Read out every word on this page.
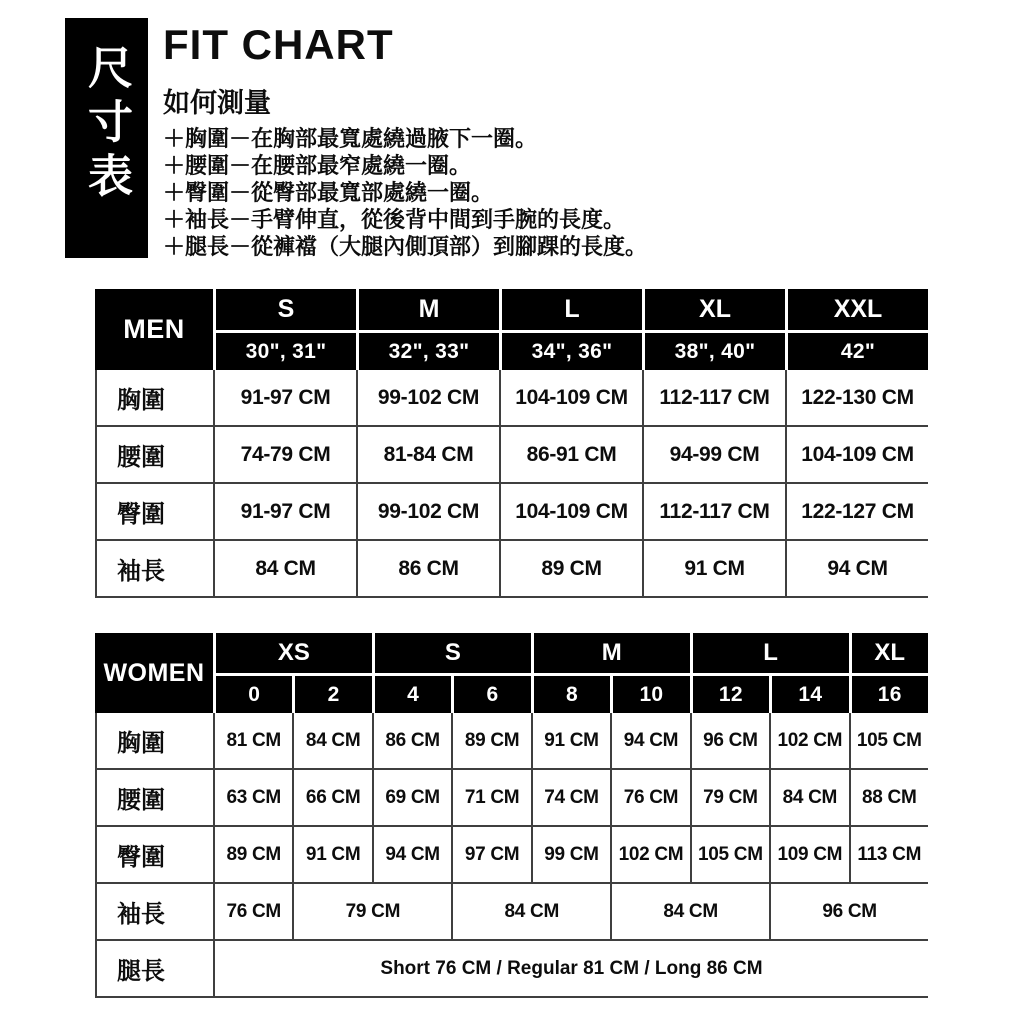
尺寸表 FIT CHART
如何測量
＋胸圍－在胸部最寬處繞過腋下一圈。
＋腰圍－在腰部最窄處繞一圈。
＋臀圍－從臀部最寬部處繞一圈。
＋袖長－手臂伸直，從後背中間到手腕的長度。
＋腿長－從褲襠（大腿內側頂部）到腳踝的長度。
MEN
S	M	L	XL	XXL
30", 31"	32", 33"	34", 36"	38", 40"	42"
胸圍	91-97 CM	99-102 CM	104-109 CM	112-117 CM	122-130 CM
腰圍	74-79 CM	81-84 CM	86-91 CM	94-99 CM	104-109 CM
臀圍	91-97 CM	99-102 CM	104-109 CM	112-117 CM	122-127 CM
袖長	84 CM	86 CM	89 CM	91 CM	94 CM
WOMEN
XS	S	M	L	XL
0	2	4	6	8	10	12	14	16
胸圍	81 CM	84 CM	86 CM	89 CM	91 CM	94 CM	96 CM	102 CM 105 CM
腰圍	63 CM	66 CM	69 CM	71 CM	74 CM	76 CM	79 CM	84 CM	88 CM
臀圍	89 CM	91 CM	94 CM	97 CM	99 CM	102 CM 105 CM 109 CM 113 CM
袖長	76 CM	79 CM	84 CM	84 CM	96 CM
腿長	Short 76 CM / Regular 81 CM / Long 86 CM
